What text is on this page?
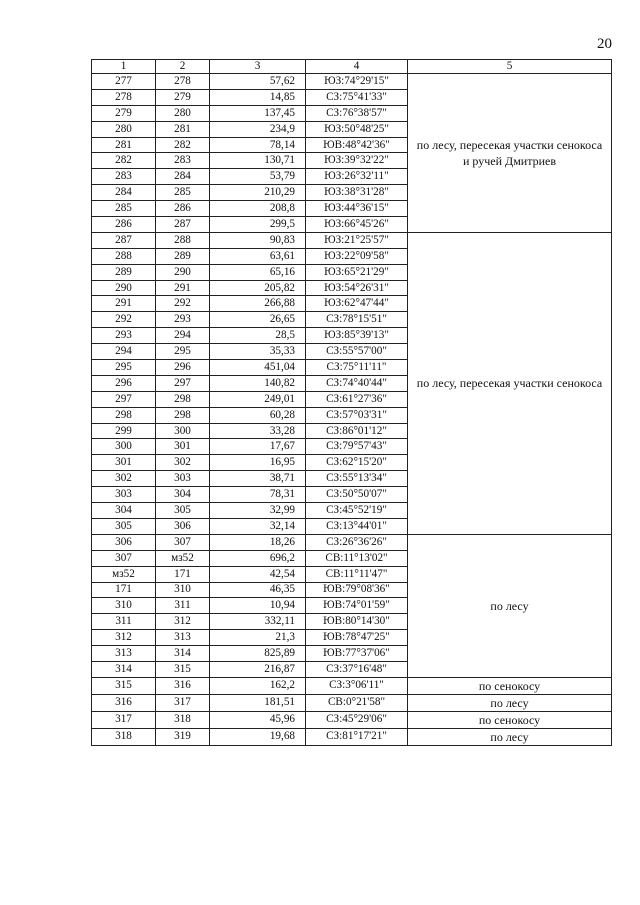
20
1	2	3	4	5
277	278	57,62	ЮЗ:74°29'15"	по лесу, пересекая участки сенокоса и ручей Дмитриев
278	279	14,85	СЗ:75°41'33"	
279	280	137,45	СЗ:76°38'57"	
280	281	234,9	ЮЗ:50°48'25"	
281	282	78,14	ЮВ:48°42'36"	
282	283	130,71	ЮЗ:39°32'22"	
283	284	53,79	ЮЗ:26°32'11"	
284	285	210,29	ЮЗ:38°31'28"	
285	286	208,8	ЮЗ:44°36'15"	
286	287	299,5	ЮЗ:66°45'26"	
287	288	90,83	ЮЗ:21°25'57"	по лесу, пересекая участки сенокоса
288	289	63,61	ЮЗ:22°09'58"	
289	290	65,16	ЮЗ:65°21'29"	
290	291	205,82	ЮЗ:54°26'31"	
291	292	266,88	ЮЗ:62°47'44"	
292	293	26,65	СЗ:78°15'51"	
293	294	28,5	ЮЗ:85°39'13"	
294	295	35,33	СЗ:55°57'00"	
295	296	451,04	СЗ:75°11'11"	
296	297	140,82	СЗ:74°40'44"	
297	298	249,01	СЗ:61°27'36"	
298	298	60,28	СЗ:57°03'31"	
299	300	33,28	СЗ:86°01'12"	
300	301	17,67	СЗ:79°57'43"	
301	302	16,95	СЗ:62°15'20"	
302	303	38,71	СЗ:55°13'34"	
303	304	78,31	СЗ:50°50'07"	
304	305	32,99	СЗ:45°52'19"	
305	306	32,14	СЗ:13°44'01"	
306	307	18,26	СЗ:26°36'26"	по лесу
307	мз52	696,2	СВ:11°13'02"	
мз52	171	42,54	СВ:11°11'47"	
171	310	46,35	ЮВ:79°08'36"	
310	311	10,94	ЮВ:74°01'59"	
311	312	332,11	ЮВ:80°14'30"	
312	313	21,3	ЮВ:78°47'25"	
313	314	825,89	ЮВ:77°37'06"	
314	315	216,87	СЗ:37°16'48"	
315	316	162,2	СЗ:3°06'11"	по сенокосу
316	317	181,51	СВ:0°21'58"	по лесу
317	318	45,96	СЗ:45°29'06"	по сенокосу
318	319	19,68	СЗ:81°17'21"	по лесу
